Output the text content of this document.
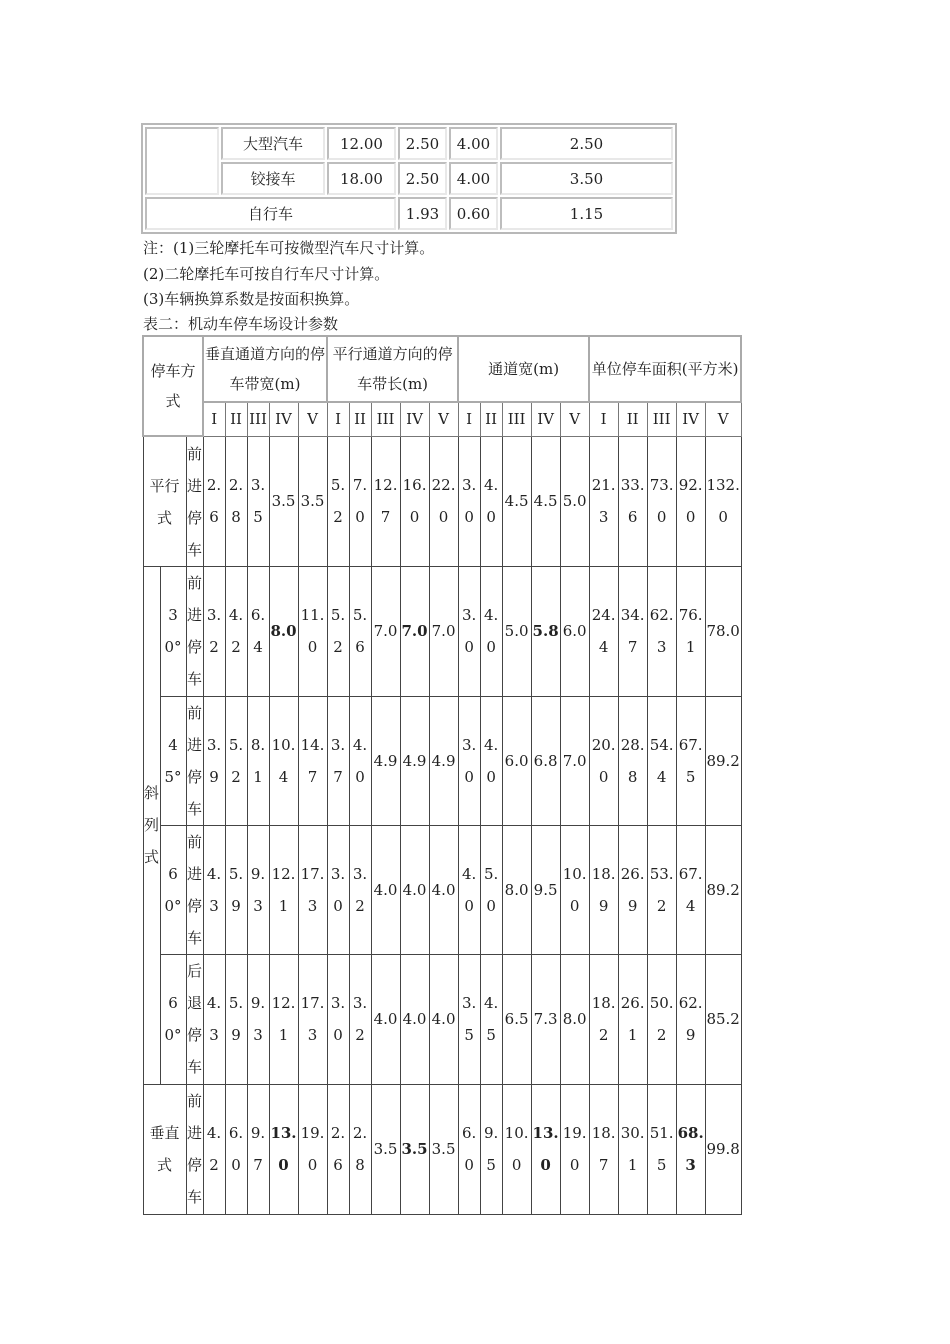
	大型汽车	12.00	2.50	4.00	2.50
	铰接车	18.00	2.50	4.00	3.50
自行车			1.93	0.60	1.15
注：(1)三轮摩托车可按微型汽车尺寸计算。
(2)二轮摩托车可按自行车尺寸计算。
(3)车辆换算系数是按面积换算。
表二：机动车停车场设计参数
停车方式			垂直通道方向的停车带宽(m)					平行通道方向的停车带长(m)					通道宽(m)					单位停车面积(平方米)				
			I	II	III	IV	V	I	II	III	IV	V	I	II	III	IV	V	I	II	III	IV	V
平行式		前进停车	2.6	2.8	3.5	3.5	3.5	5.2	7.0	12.7	16.0	22.0	3.0	4.0	4.5	4.5	5.0	21.3	33.6	73.0	92.0	132.0
斜列式	30°	前进停车	3.2	4.2	6.4	8.0	11.0	5.2	5.6	7.0	7.0	7.0	3.0	4.0	5.0	5.8	6.0	24.4	34.7	62.3	76.1	78.0
	45°	前进停车	3.9	5.2	8.1	10.4	14.7	3.7	4.0	4.9	4.9	4.9	3.0	4.0	6.0	6.8	7.0	20.0	28.8	54.4	67.5	89.2
	60°	前进停车	4.3	5.9	9.3	12.1	17.3	3.0	3.2	4.0	4.0	4.0	4.0	5.0	8.0	9.5	10.0	18.9	26.9	53.2	67.4	89.2
	60°	后退停车	4.3	5.9	9.3	12.1	17.3	3.0	3.2	4.0	4.0	4.0	3.5	4.5	6.5	7.3	8.0	18.2	26.1	50.2	62.9	85.2
垂直式		前进停车	4.2	6.0	9.7	13.0	19.0	2.6	2.8	3.5	3.5	3.5	6.0	9.5	10.0	13.0	19.0	18.7	30.1	51.5	68.3	99.8
